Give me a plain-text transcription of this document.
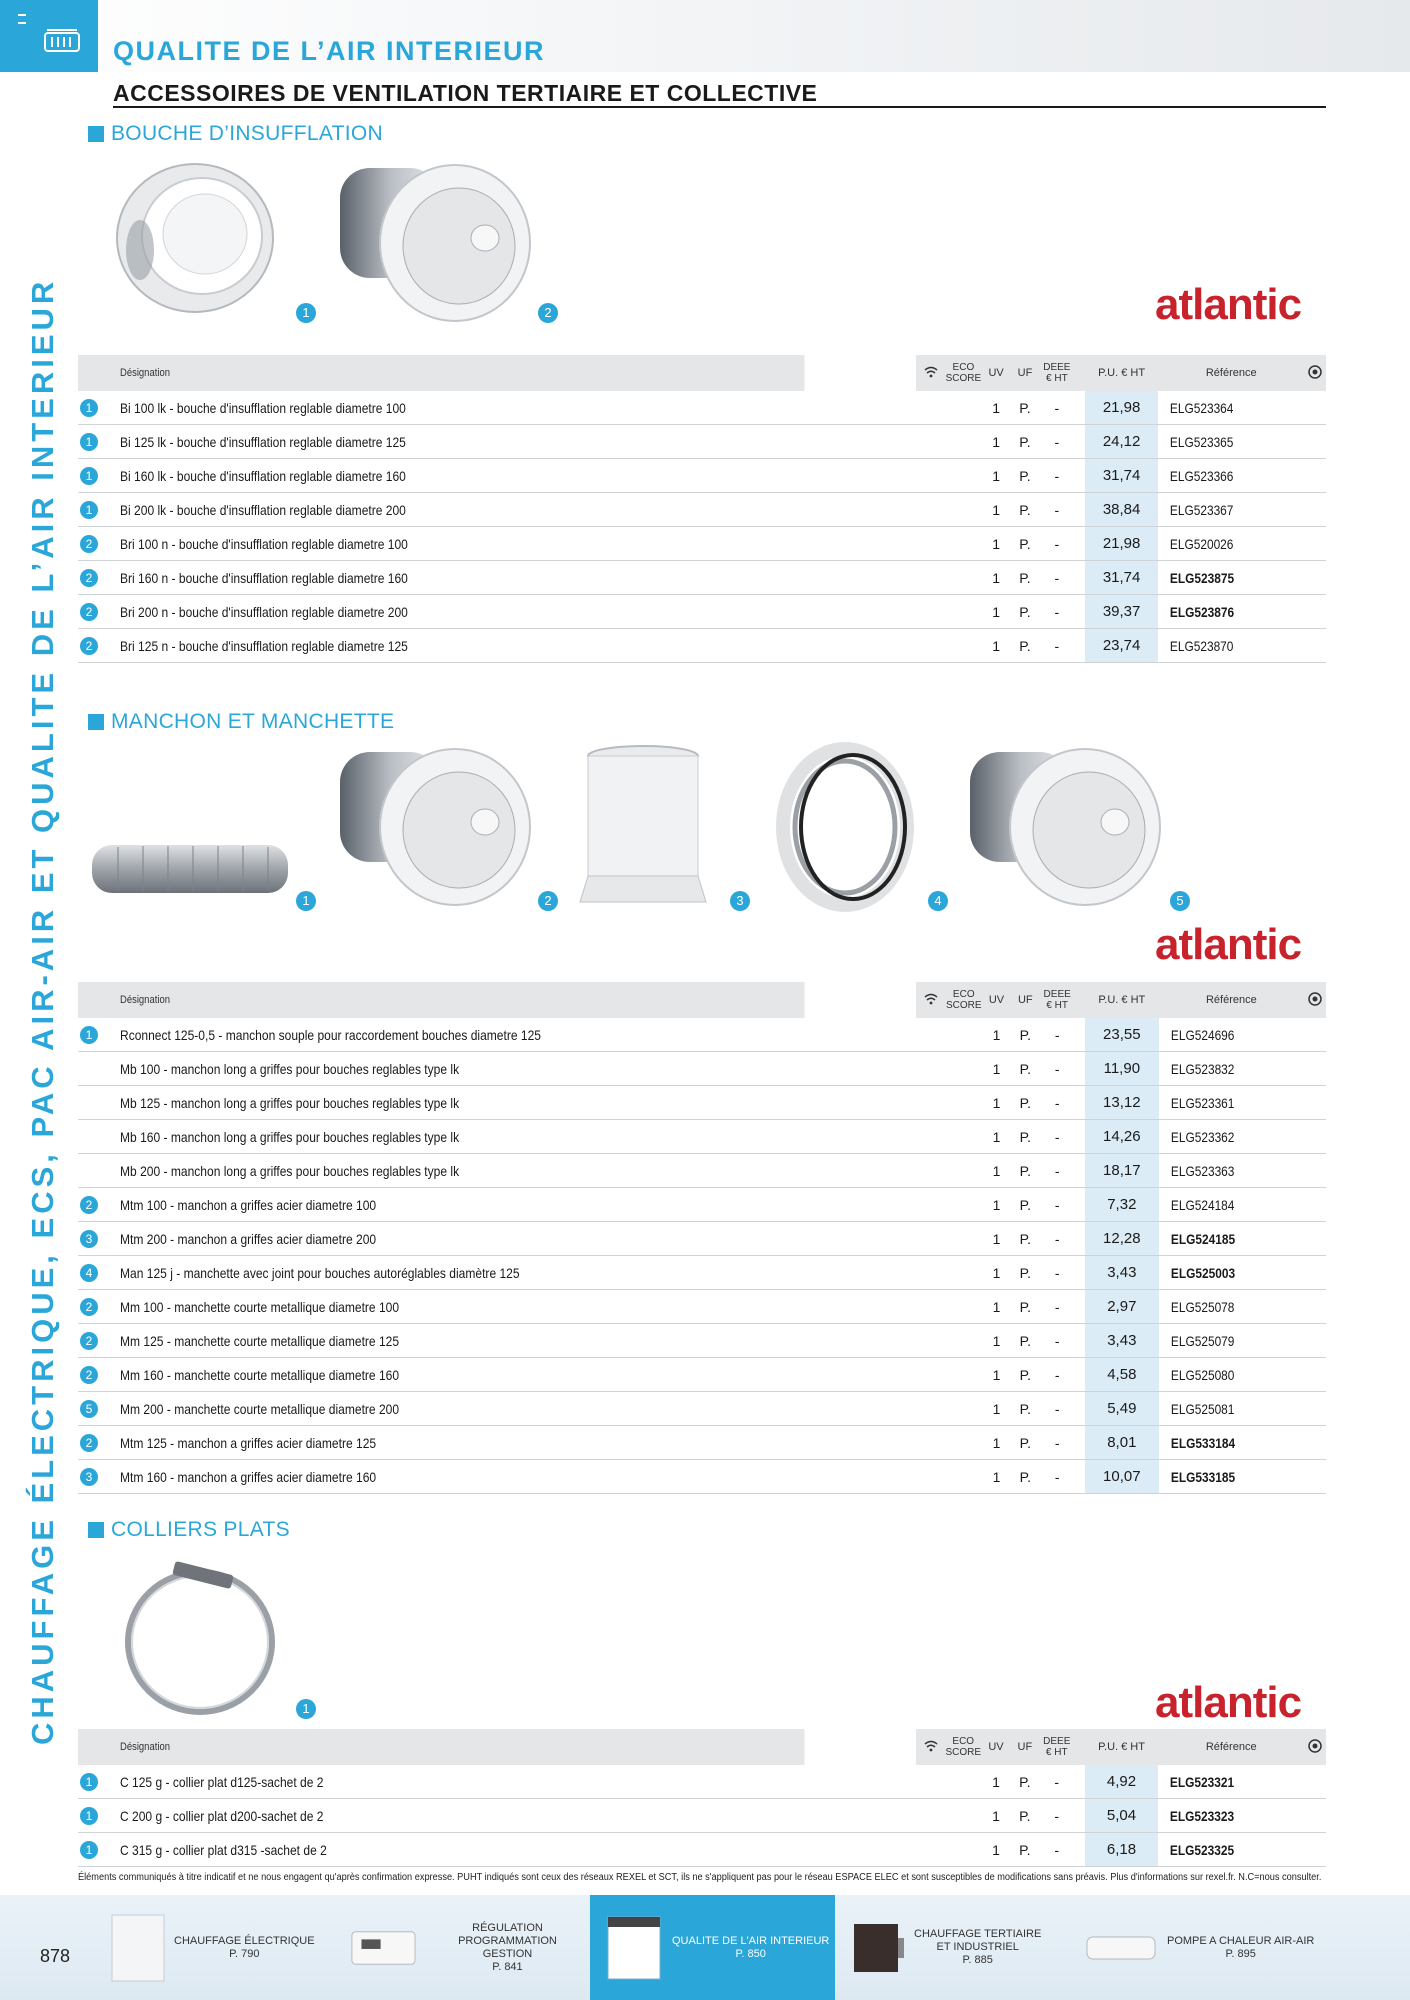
QUALITE DE L’AIR INTERIEUR
ACCESSOIRES DE VENTILATION TERTIAIRE ET COLLECTIVE
CHAUFFAGE ÉLECTRIQUE, ECS, PAC AIR-AIR ET QUALITE DE L’AIR INTERIEUR
BOUCHE D’INSUFFLATION
1	2	atlantic
	Désignation		ECO
SCORE	UV	UF	DEEE
€ HT		P.U. € HT	Référence	
1	Bi 100 lk - bouche d'insufflation reglable diametre 100			1	P.	-		21,98	ELG523364	
1	Bi 125 lk - bouche d'insufflation reglable diametre 125			1	P.	-		24,12	ELG523365	
1	Bi 160 lk - bouche d'insufflation reglable diametre 160			1	P.	-		31,74	ELG523366	
1	Bi 200 lk - bouche d'insufflation reglable diametre 200			1	P.	-		38,84	ELG523367	
2	Bri 100 n - bouche d'insufflation reglable diametre 100			1	P.	-		21,98	ELG520026	
2	Bri 160 n - bouche d'insufflation reglable diametre 160			1	P.	-		31,74	ELG523875	
2	Bri 200 n - bouche d'insufflation reglable diametre 200			1	P.	-		39,37	ELG523876	
2	Bri 125 n - bouche d'insufflation reglable diametre 125			1	P.	-		23,74	ELG523870	
MANCHON ET MANCHETTE
1	2	3	4	5
atlantic
	Désignation		ECO
SCORE	UV	UF	DEEE
€ HT		P.U. € HT	Référence	
1	Rconnect 125-0,5 - manchon souple pour raccordement bouches diametre 125			1	P.	-		23,55	ELG524696	
	Mb 100 - manchon long a griffes pour bouches reglables type lk			1	P.	-		11,90	ELG523832	
	Mb 125 - manchon long a griffes pour bouches reglables type lk			1	P.	-		13,12	ELG523361	
	Mb 160 - manchon long a griffes pour bouches reglables type lk			1	P.	-		14,26	ELG523362	
	Mb 200 - manchon long a griffes pour bouches reglables type lk			1	P.	-		18,17	ELG523363	
2	Mtm 100 - manchon a griffes acier diametre 100			1	P.	-		7,32	ELG524184	
3	Mtm 200 - manchon a griffes acier diametre 200			1	P.	-		12,28	ELG524185	
4	Man 125 j - manchette avec joint pour bouches autoréglables diamètre 125			1	P.	-		3,43	ELG525003	
2	Mm 100 - manchette courte metallique diametre 100			1	P.	-		2,97	ELG525078	
2	Mm 125 - manchette courte metallique diametre 125			1	P.	-		3,43	ELG525079	
2	Mm 160 - manchette courte metallique diametre 160			1	P.	-		4,58	ELG525080	
5	Mm 200 - manchette courte metallique diametre 200			1	P.	-		5,49	ELG525081	
2	Mtm 125 - manchon a griffes acier diametre 125			1	P.	-		8,01	ELG533184	
3	Mtm 160 - manchon a griffes acier diametre 160			1	P.	-		10,07	ELG533185	
COLLIERS PLATS
1	atlantic
	Désignation		ECO
SCORE	UV	UF	DEEE
€ HT		P.U. € HT	Référence	
1	C 125 g - collier plat d125-sachet de 2			1	P.	-		4,92	ELG523321	
1	C 200 g - collier plat d200-sachet de 2			1	P.	-		5,04	ELG523323	
1	C 315 g - collier plat d315 -sachet de 2			1	P.	-		6,18	ELG523325	
Éléments communiqués à titre indicatif et ne nous engagent qu'après confirmation expresse. PUHT indiqués sont ceux des réseaux REXEL et SCT, ils ne s'appliquent pas pour le réseau ESPACE ELEC et sont susceptibles de modifications sans préavis. Plus d'informations sur rexel.fr. N.C=nous consulter.
878
CHAUFFAGE ÉLECTRIQUE
P. 790
RÉGULATION PROGRAMMATION
GESTION
P. 841
QUALITE DE L'AIR INTERIEUR
P. 850
CHAUFFAGE TERTIAIRE
ET INDUSTRIEL
P. 885
POMPE A CHALEUR AIR-AIR
P. 895
